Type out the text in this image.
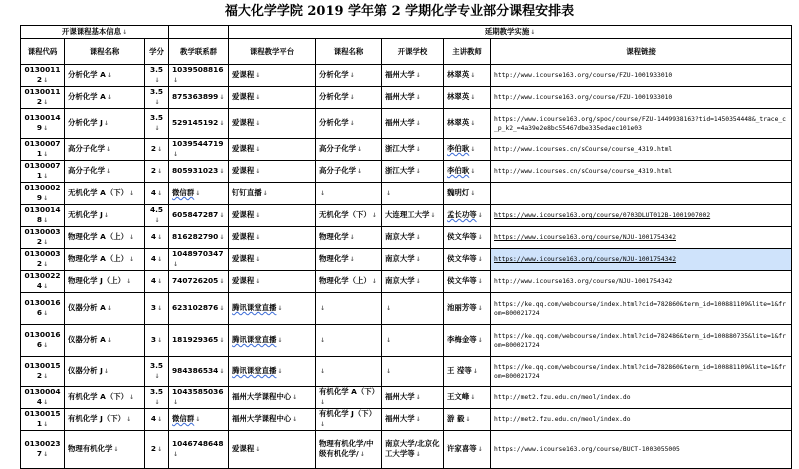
福大化学学院 2019 学年第 2 学期化学专业部分课程安排表
开课课程基本信息↓				延期教学实施↓				
课程代码	课程名称	学分	教学联系群	课程教学平台	课程名称	开课学校	主讲教师	课程链接
01300112↓	分析化学 A↓	3.5↓	1039508816↓	爱课程↓	分析化学↓	福州大学↓	林翠英↓	http://www.icourse163.org/course/FZU-1001933010
01300112↓	分析化学 A↓	3.5↓	875363899↓	爱课程↓	分析化学↓	福州大学↓	林翠英↓	http://www.icourse163.org/course/FZU-1001933010
01300149↓	分析化学 J↓	3.5↓	529145192↓	爱课程↓	分析化学↓	福州大学↓	林翠英↓	https://www.icourse163.org/spoc/course/FZU-1449938163?tid=1450354448&_trace_c_p_k2_=4a39e2e8bc55467dbe335edaec101e03
01300071↓	高分子化学↓	2↓	1039544719↓	爱课程↓	高分子化学↓	浙江大学↓	李伯耿↓	http://www.icourses.cn/sCourse/course_4319.html
01300071↓	高分子化学↓	2↓	805931023↓	爱课程↓	高分子化学↓	浙江大学↓	李伯耿↓	http://www.icourses.cn/sCourse/course_4319.html
01300029↓	无机化学 A（下）↓	4↓	微信群↓	钉钉直播↓	↓	↓	魏明灯↓	
01300148↓	无机化学 J↓	4.5↓	605847287↓	爱课程↓	无机化学（下）↓	大连理工大学↓	孟长功等↓	https://www.icourse163.org/course/0703DLUT012B-1001907002
01300032↓	物理化学 A（上）↓	4↓	816282790↓	爱课程↓	物理化学↓	南京大学↓	侯文华等↓	https://www.icourse163.org/course/NJU-1001754342
01300032↓	物理化学 A（上）↓	4↓	1048970347↓	爱课程↓	物理化学↓	南京大学↓	侯文华等↓	https://www.icourse163.org/course/NJU-1001754342
01300224↓	物理化学 J（上）↓	4↓	740726205↓	爱课程↓	物理化学（上）↓	南京大学↓	侯文华等↓	http://www.icourse163.org/course/NJU-1001754342
01300166↓	仪器分析 A↓	3↓	623102876↓	腾讯课堂直播↓	↓	↓	池丽芳等↓	https://ke.qq.com/webcourse/index.html?cid=782860&term_id=100881109&lite=1&from=800021724
01300166↓	仪器分析 A↓	3↓	181929365↓	腾讯课堂直播↓	↓	↓	李梅金等↓	https://ke.qq.com/webcourse/index.html?cid=782486&term_id=100880735&lite=1&from=800021724
01300152↓	仪器分析 J↓	3.5↓	984386534↓	腾讯课堂直播↓	↓	↓	王 滢等↓	https://ke.qq.com/webcourse/index.html?cid=782860&term_id=100881109&lite=1&from=800021724
01300044↓	有机化学 A（下）↓	3.5↓	1043585036↓	福州大学课程中心↓	有机化学 A（下）↓	福州大学↓	王文峰↓	http://met2.fzu.edu.cn/meol/index.do
01300151↓	有机化学 J（下）↓	4↓	微信群↓	福州大学课程中心↓	有机化学 J（下）↓	福州大学↓	游 毅↓	http://met2.fzu.edu.cn/meol/index.do
01300237↓	物理有机化学↓	2↓	1046748648↓	爱课程↓	物理有机化学/中级有机化学/↓	南京大学/北京化工大学等↓	许家喜等↓	https://www.icourse163.org/course/BUCT-1003055005
